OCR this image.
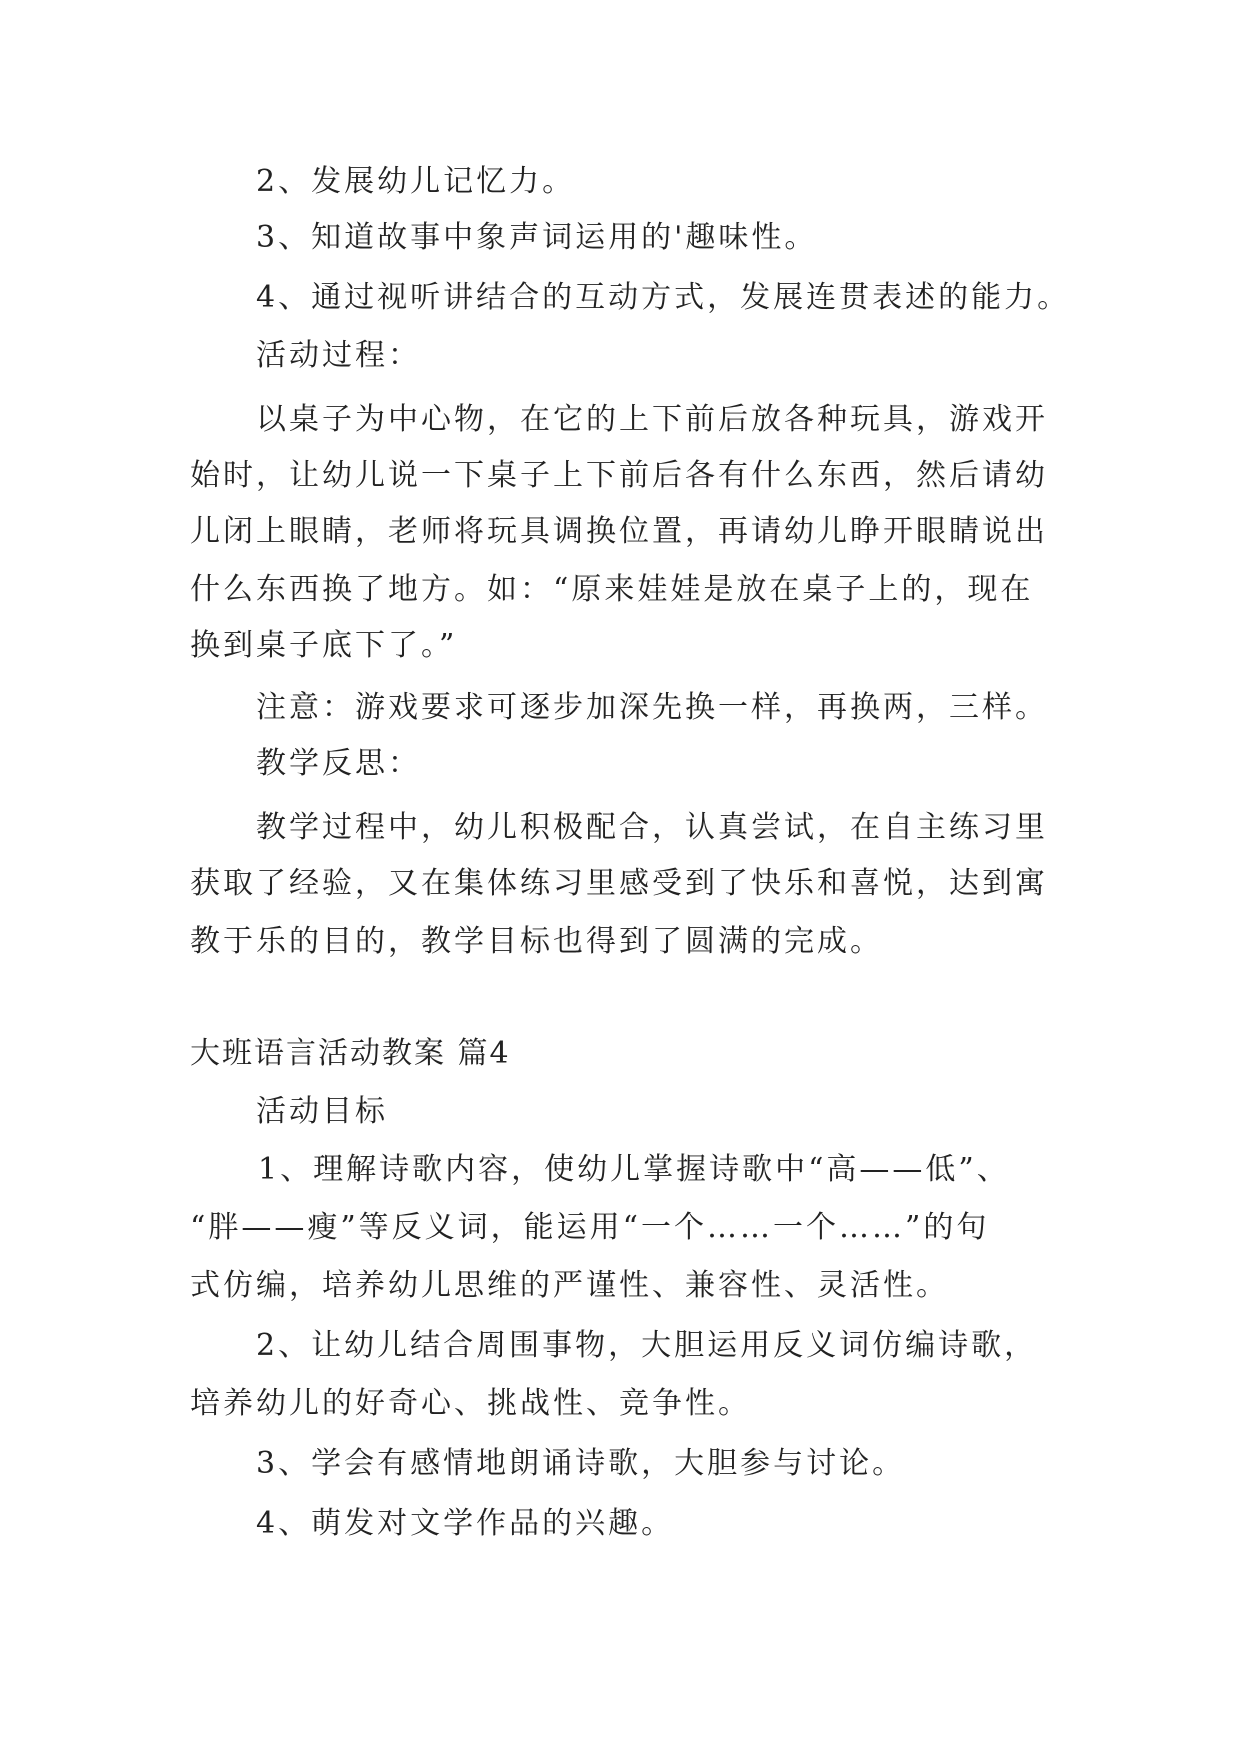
2、发展幼儿记忆力。
3、知道故事中象声词运用的'趣味性。
4、通过视听讲结合的互动方式，发展连贯表述的能力。
活动过程：
以桌子为中心物，在它的上下前后放各种玩具，游戏开
始时，让幼儿说一下桌子上下前后各有什么东西，然后请幼
儿闭上眼睛，老师将玩具调换位置，再请幼儿睁开眼睛说出
什么东西换了地方。如：“原来娃娃是放在桌子上的，现在
换到桌子底下了。”
注意：游戏要求可逐步加深先换一样，再换两，三样。
教学反思：
教学过程中，幼儿积极配合，认真尝试，在自主练习里
获取了经验，又在集体练习里感受到了快乐和喜悦，达到寓
教于乐的目的，教学目标也得到了圆满的完成。
大班语言活动教案 篇4
活动目标
1、理解诗歌内容，使幼儿掌握诗歌中“高——低”、
“胖——瘦”等反义词，能运用“一个……一个……”的句
式仿编，培养幼儿思维的严谨性、兼容性、灵活性。
2、让幼儿结合周围事物，大胆运用反义词仿编诗歌，
培养幼儿的好奇心、挑战性、竞争性。
3、学会有感情地朗诵诗歌，大胆参与讨论。
4、萌发对文学作品的兴趣。
